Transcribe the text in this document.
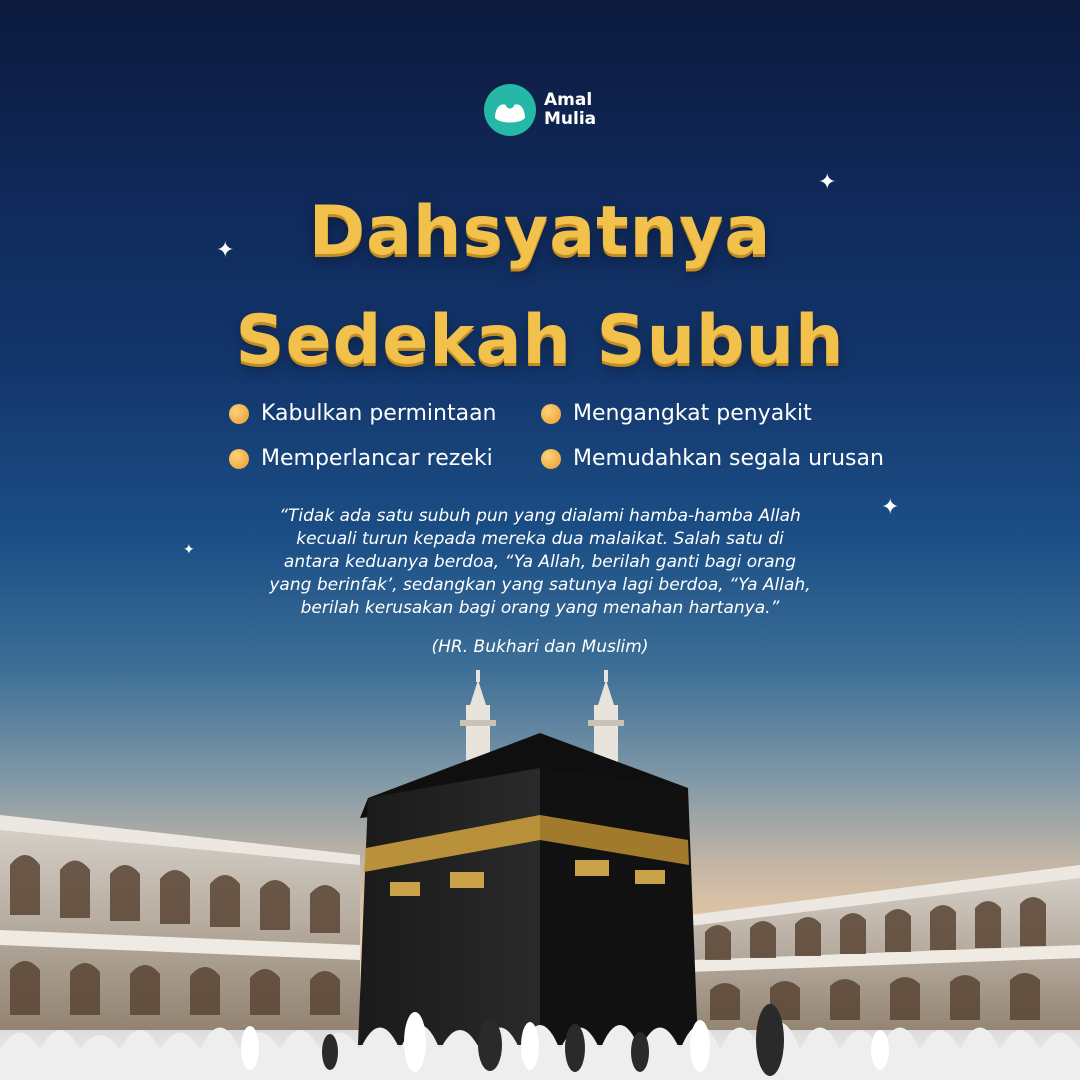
Amal
Mulia
✦
✦
✦
✦
Dahsyatnya
Sedekah Subuh
Kabulkan permintaan	Mengangkat penyakit
Memperlancar rezeki	Memudahkan segala urusan
“Tidak ada satu subuh pun yang dialami hamba-hamba Allah
kecuali turun kepada mereka dua malaikat. Salah satu di
antara keduanya berdoa, “Ya Allah, berilah ganti bagi orang
yang berinfak’, sedangkan yang satunya lagi berdoa, “Ya Allah,
berilah kerusakan bagi orang yang menahan hartanya.”
(HR. Bukhari dan Muslim)
